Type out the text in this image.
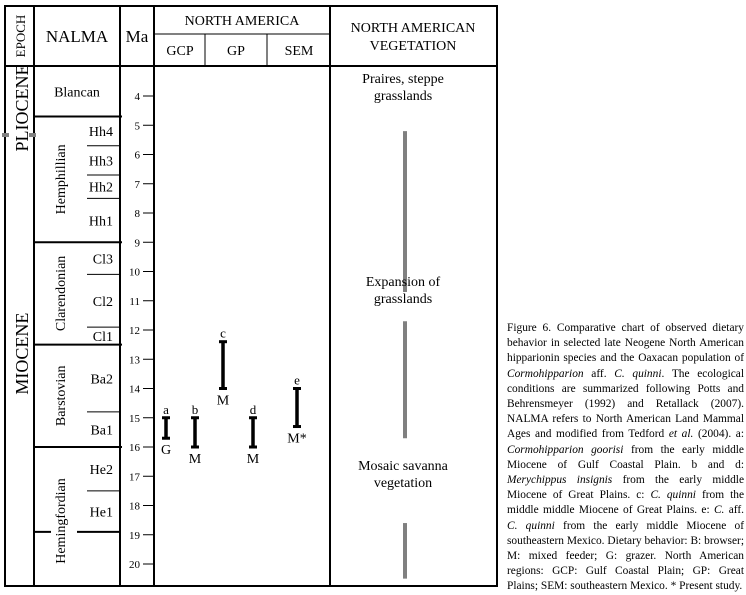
EPOCH NALMA Ma
NORTH AMERICA
GCP GP	SEM
NORTH AMERICAN
VEGETATION
PLIOCENE
MIOCENE
4
5
6
7
8
9
10
11
12
13
14
15
16
17
18
19
20
Blancan
Hemphillian
Hh4
Hh3
Hh2
Hh1
Clarendonian Cl3
Cl2
Cl1
Barstovian Ba2
Ba1
Hemingfordian
He2
He1
a
G
b
M
c
M
d
M
e
M*
Praires, steppe
grasslands
Expansion of
grasslands
Mosaic savanna
vegetation
Figure 6. Comparative chart of observed dietary behavior in selected late Neogene North American hipparionin species and the Oaxacan population of Cormohipparion aff. C. quinni. The ecological conditions are summarized following Potts and Behrensmeyer (1992) and Retallack (2007). NALMA refers to North American Land Mammal Ages and modified from Tedford et al. (2004). a: Cormohipparion goorisi from the early middle Miocene of Gulf Coastal Plain. b and d: Merychippus insignis from the early middle Miocene of Great Plains. c: C. quinni from the middle middle Miocene of Great Plains. e: C. aff. C. quinni from the early middle Miocene of southeastern Mexico. Dietary behavior: B: browser; M: mixed feeder; G: grazer. North American regions: GCP: Gulf Coastal Plain; GP: Great Plains; SEM: southeastern Mexico. * Present study.
